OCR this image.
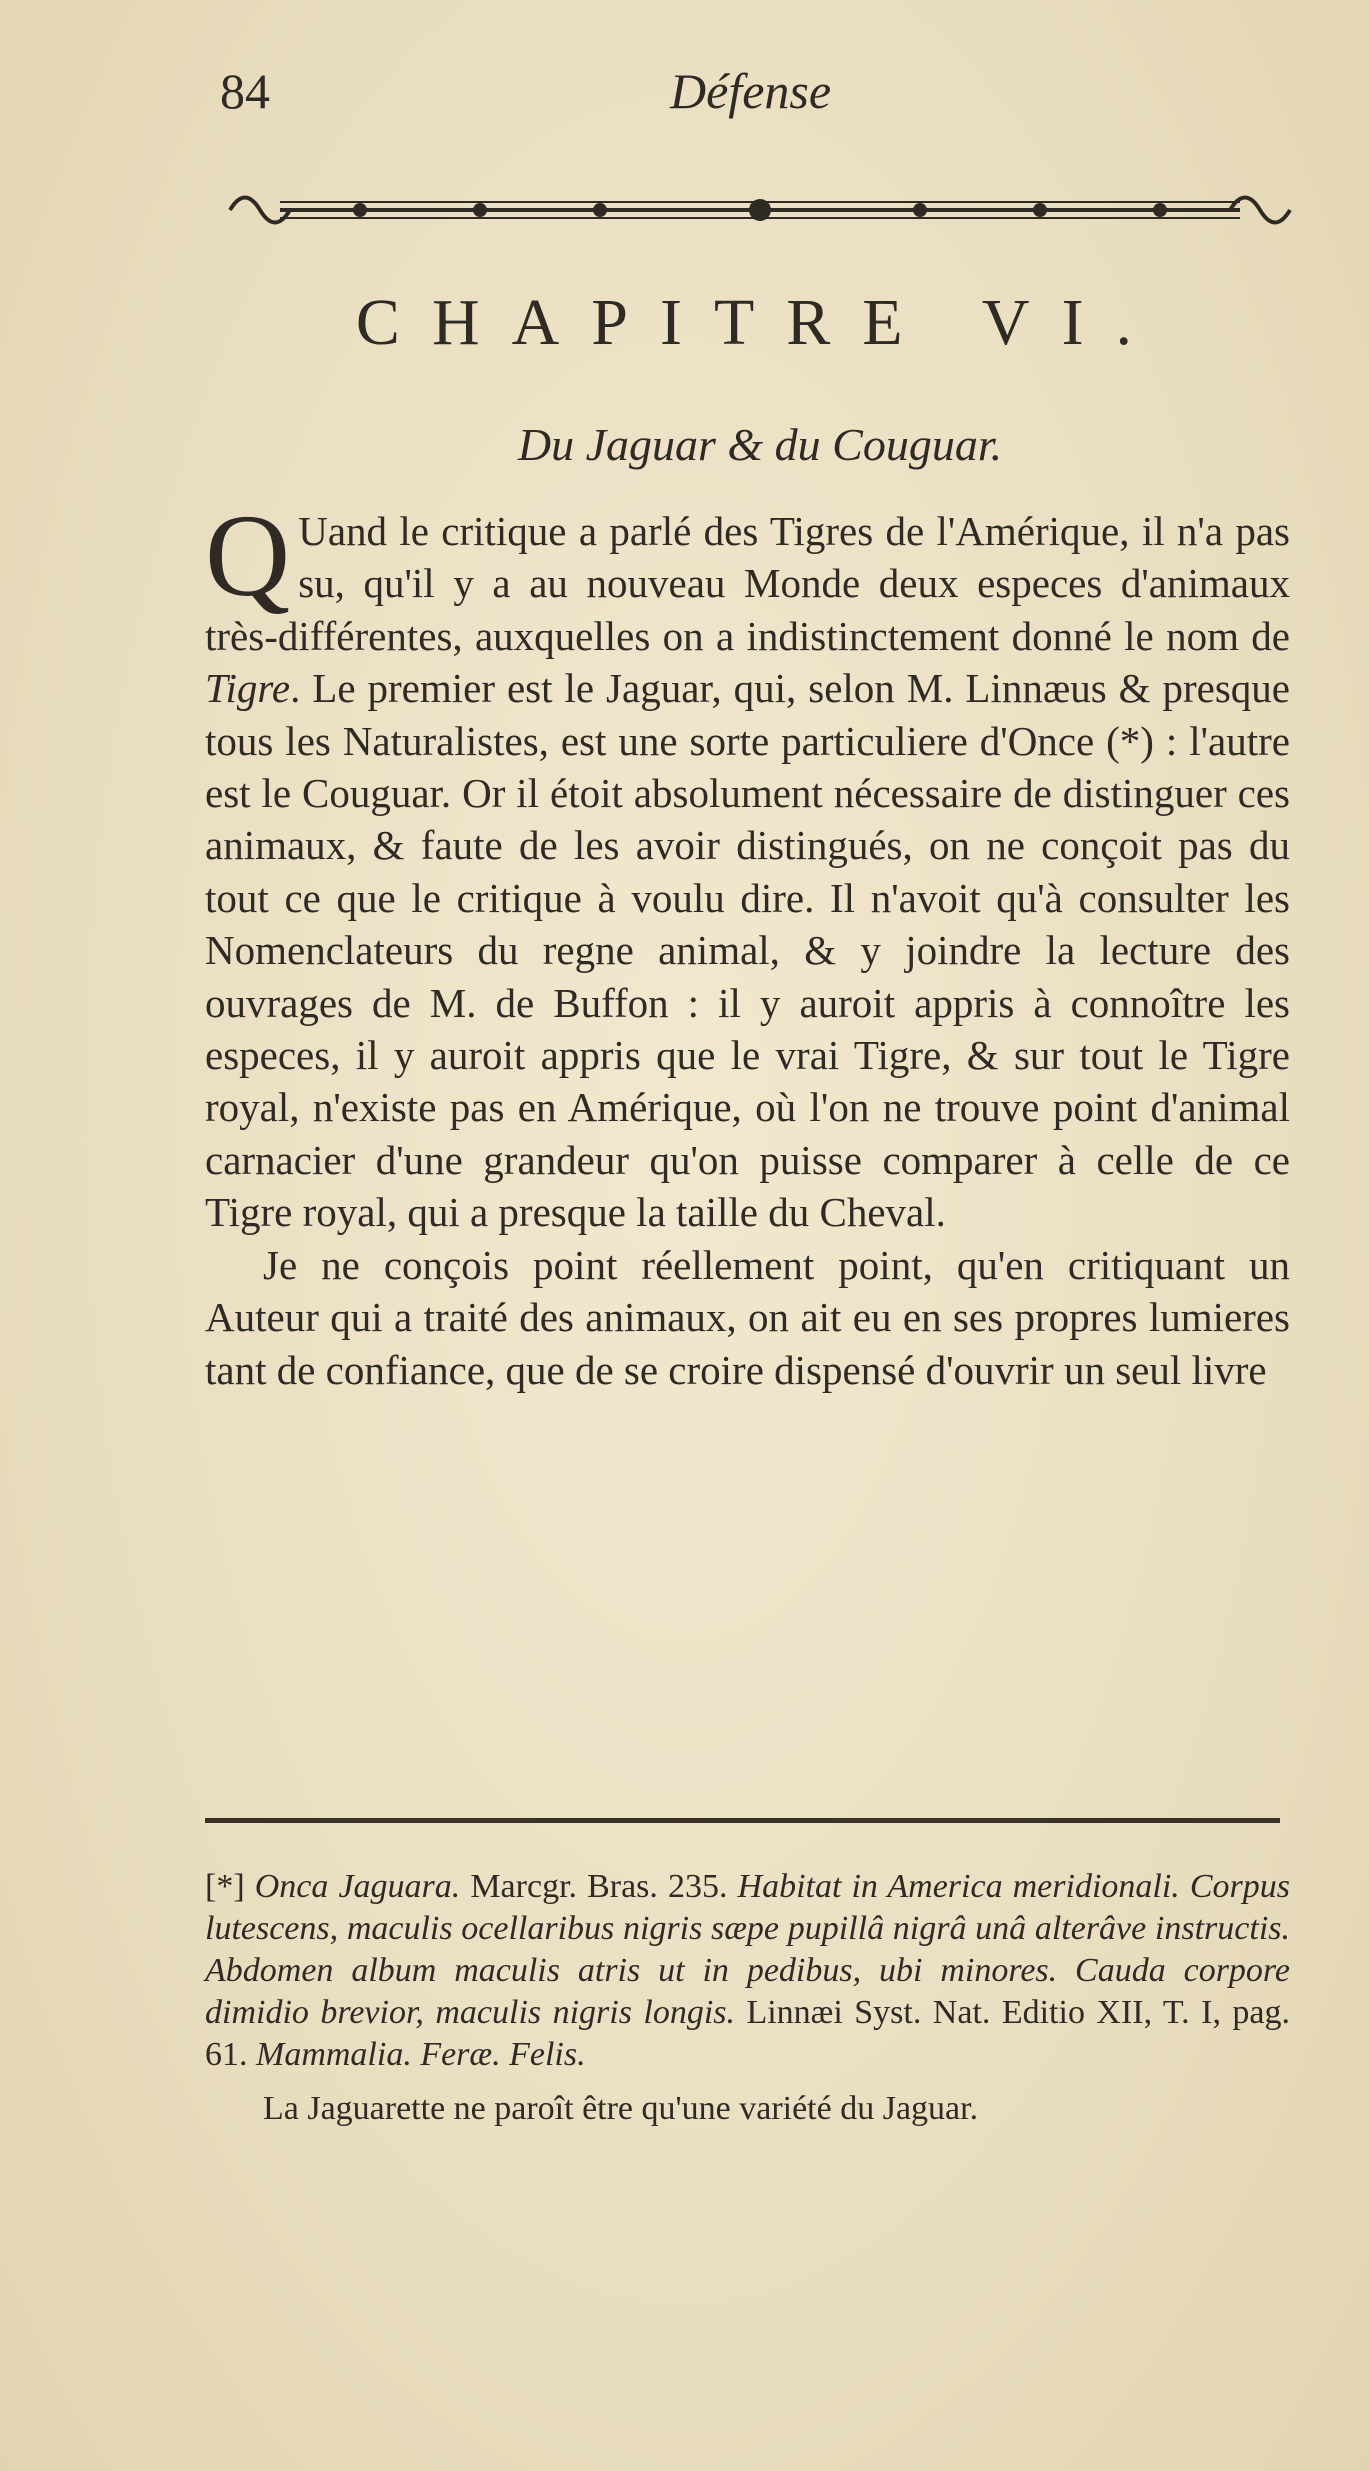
84	Défense
CHAPITRE VI.
Du Jaguar & du Couguar.

Q Uand le critique a parlé des Tigres de l'Amérique, il n'a pas su, qu'il y a au nouveau Monde deux especes d'animaux très-différentes, auxquelles on a indistinctement donné le nom de Tigre. Le premier est le Jaguar, qui, selon M. Linnæus & presque tous les Naturalistes, est une sorte particuliere d'Once (*) : l'autre est le Couguar. Or il étoit absolument nécessaire de distinguer ces animaux, & faute de les avoir distingués, on ne conçoit pas du tout ce que le critique à voulu dire. Il n'avoit qu'à consulter les Nomenclateurs du regne animal, & y joindre la lecture des ouvrages de M. de Buffon : il y auroit appris à connoître les especes, il y auroit appris que le vrai Tigre, & sur tout le Tigre royal, n'existe pas en Amérique, où l'on ne trouve point d'animal carnacier d'une grandeur qu'on puisse comparer à celle de ce Tigre royal, qui a presque la taille du Cheval.

Je ne conçois point réellement point, qu'en critiquant un Auteur qui a traité des animaux, on ait eu en ses propres lumieres tant de confiance, que de se croire dispensé d'ouvrir un seul livre

[*] Onca Jaguara. Marcgr. Bras. 235. Habitat in America meridionali. Corpus lutescens, maculis ocellaribus nigris sæpe pupillâ nigrâ unâ alterâve instructis. Abdomen album maculis atris ut in pedibus, ubi minores. Cauda corpore dimidio brevior, maculis nigris longis. Linnæi Syst. Nat. Editio XII, T. I, pag. 61. Mammalia. Feræ. Felis.

La Jaguarette ne paroît être qu'une variété du Jaguar.
